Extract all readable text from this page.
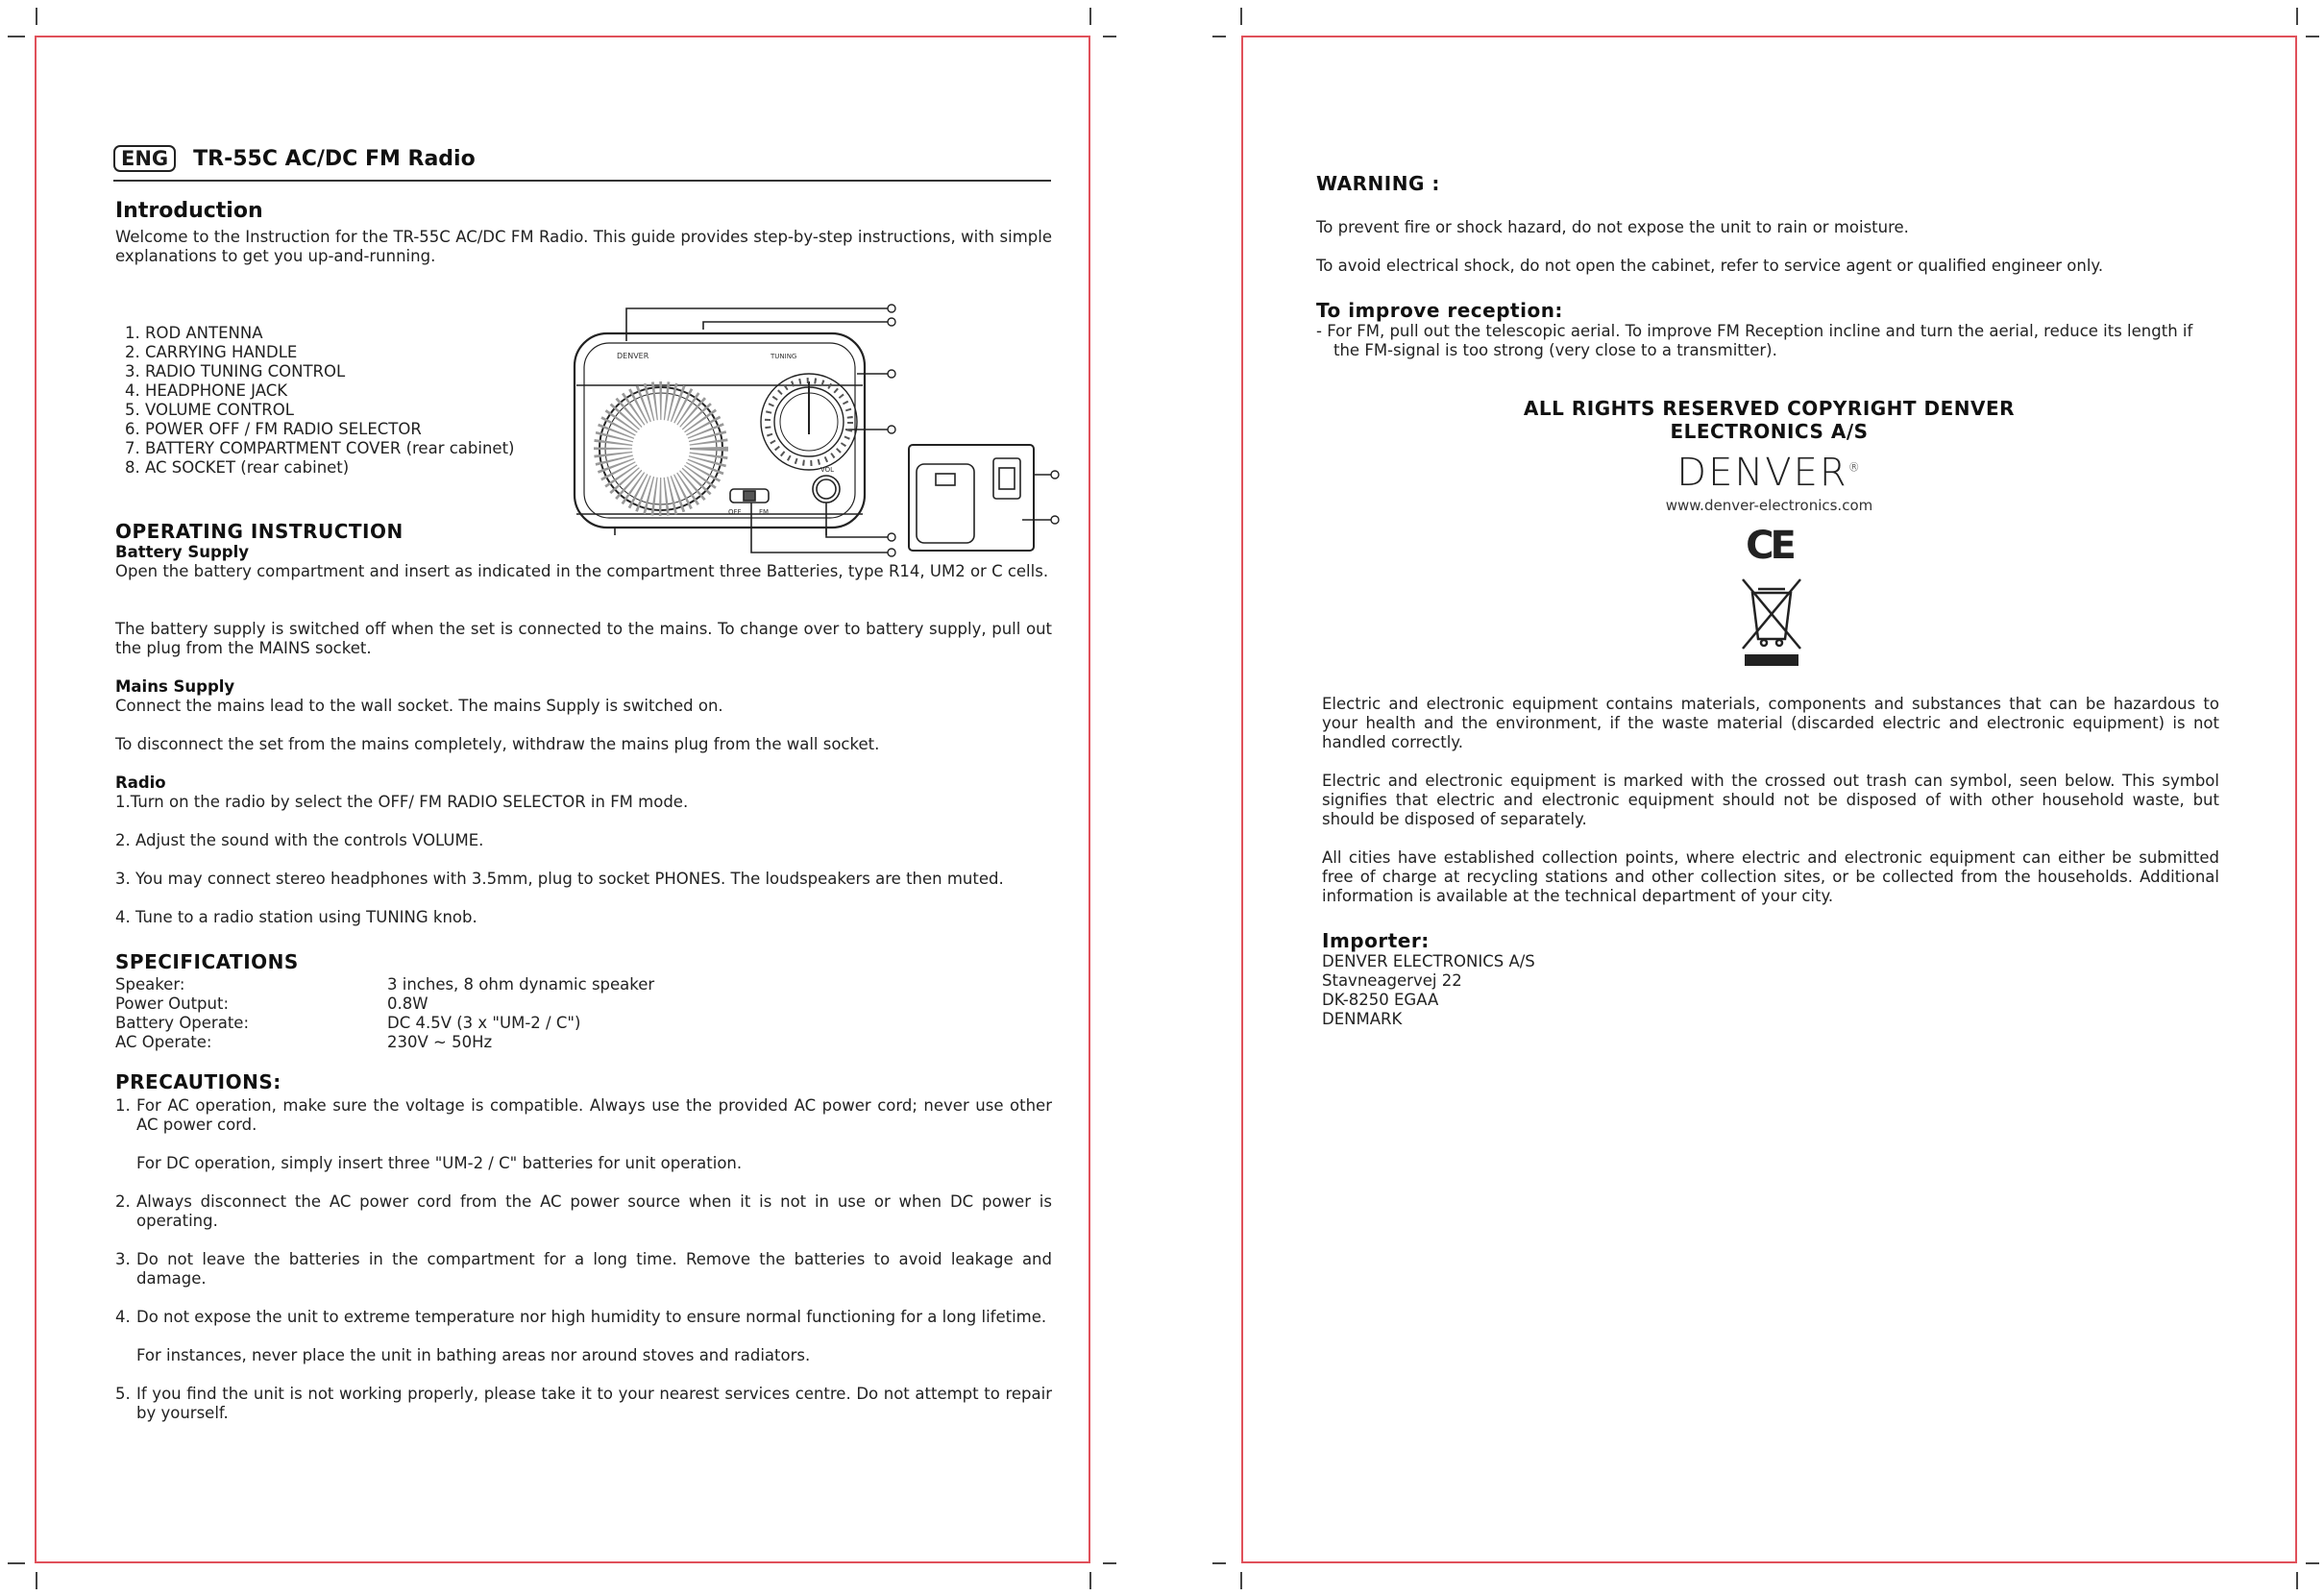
ENG TR-55C AC/DC FM Radio
Introduction
Welcome to the Instruction for the TR-55C AC/DC FM Radio. This guide provides step-by-step instructions, with simple explanations to get you up-and-running.
1. ROD ANTENNA
2. CARRYING HANDLE
3. RADIO TUNING CONTROL
4. HEADPHONE JACK
5. VOLUME CONTROL
6. POWER OFF / FM RADIO SELECTOR
7. BATTERY COMPARTMENT COVER (rear cabinet)
8. AC SOCKET (rear cabinet)
DENVER	TUNING
VOL
OFF	FM
OPERATING INSTRUCTION
Battery Supply
Open the battery compartment and insert as indicated in the compartment three Batteries, type R14, UM2 or C cells.
The battery supply is switched off when the set is connected to the mains. To change over to battery supply, pull out the plug from the MAINS socket.
Mains Supply
Connect the mains lead to the wall socket. The mains Supply is switched on.
To disconnect the set from the mains completely, withdraw the mains plug from the wall socket.
Radio
1.Turn on the radio by select the OFF/ FM RADIO SELECTOR in FM mode.
2. Adjust the sound with the controls VOLUME.
3. You may connect stereo headphones with 3.5mm, plug to socket PHONES. The loudspeakers are then muted.
4. Tune to a radio station using TUNING knob.
SPECIFICATIONS
Speaker:	3 inches, 8 ohm dynamic speaker
Power Output:	0.8W
Battery Operate:	DC 4.5V (3 x "UM-2 / C")
AC Operate:	230V ~ 50Hz
PRECAUTIONS:
1. For AC operation, make sure the voltage is compatible. Always use the provided AC power cord; never use other AC power cord.
For DC operation, simply insert three "UM-2 / C" batteries for unit operation.
2. Always disconnect the AC power cord from the AC power source when it is not in use or when DC power is operating.
3. Do not leave the batteries in the compartment for a long time. Remove the batteries to avoid leakage and damage.
4. Do not expose the unit to extreme temperature nor high humidity to ensure normal functioning for a long lifetime.
For instances, never place the unit in bathing areas nor around stoves and radiators.
5. If you find the unit is not working properly, please take it to your nearest services centre. Do not attempt to repair by yourself.
WARNING :
To prevent fire or shock hazard, do not expose the unit to rain or moisture.
To avoid electrical shock, do not open the cabinet, refer to service agent or qualified engineer only.
To improve reception:
- For FM, pull out the telescopic aerial. To improve FM Reception incline and turn the aerial, reduce its length if
the FM-signal is too strong (very close to a transmitter).
ALL RIGHTS RESERVED COPYRIGHT DENVER
ELECTRONICS A/S
DENVER®
www.denver-electronics.com
CE
Electric and electronic equipment contains materials, components and substances that can be hazardous to your health and the environment, if the waste material (discarded electric and electronic equipment) is not handled correctly.
Electric and electronic equipment is marked with the crossed out trash can symbol, seen below. This symbol signifies that electric and electronic equipment should not be disposed of with other household waste, but should be disposed of separately.
All cities have established collection points, where electric and electronic equipment can either be submitted free of charge at recycling stations and other collection sites, or be collected from the households. Additional information is available at the technical department of your city.
Importer:
DENVER ELECTRONICS A/S
Stavneagervej 22
DK-8250 EGAA
DENMARK
